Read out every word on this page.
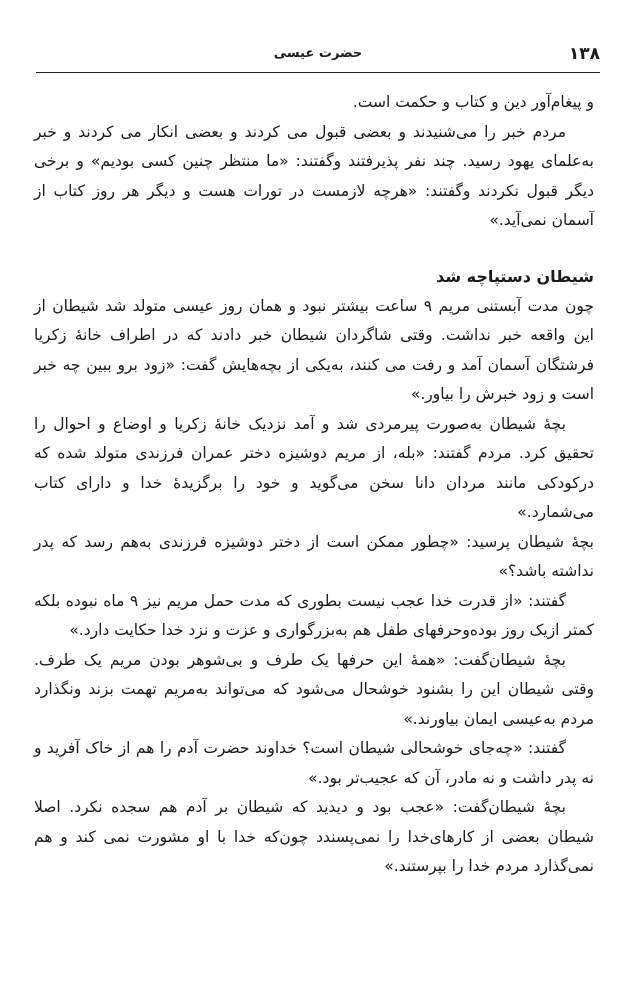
۱۳۸
حضرت عیسی

و پیغام‌آور دین و کتاب و حکمت است.

مردم خبر را می‌شنیدند و بعضی قبول می کردند و بعضی انکار می کردند و خبر به‌علمای یهود رسید. چند نفر پذیرفتند وگفتند: «ما منتظر چنین کسی بودیم» و برخی دیگر قبول نکردند وگفتند: «هرچه لازمست در تورات هست و دیگر هر روز کتاب از آسمان نمی‌آید.»

شیطان دستپاچه شد

چون مدت آبستنی مریم ۹ ساعت بیشتر نبود و همان روز عیسی متولد شد شیطان از این واقعه خبر نداشت. وقتی شاگردان شیطان خبر دادند که در اطراف خانهٔ زکریا فرشتگان آسمان آمد و رفت می کنند، به‌یکی از بچه‌هایش گفت: «زود برو ببین چه خبر است و زود خبرش را بیاور.»

بچهٔ شیطان به‌صورت پیرمردی شد و آمد نزدیک خانهٔ زکریا و اوضاع و احوال را تحقیق کرد. مردم گفتند: «بله، از مریم دوشیزه دختر عمران فرزندی متولد شده که درکودکی مانند مردان دانا سخن می‌گوید و خود را برگزیدهٔ خدا و دارای کتاب می‌شمارد.»

بچهٔ شیطان پرسید: «چطور ممکن است از دختر دوشیزه فرزندی به‌هم رسد که پدر نداشته باشد؟»

گفتند: «از قدرت خدا عجب نیست بطوری که مدت حمل مریم نیز ۹ ماه نبوده بلکه کمتر ازیک روز بوده‌وحرفهای طفل هم به‌بزرگواری و عزت و نزد خدا حکایت دارد.»

بچهٔ شیطان‌گفت: «همهٔ این حرفها یک طرف و بی‌شوهر بودن مریم یک طرف. وقتی شیطان این را بشنود خوشحال می‌شود که می‌تواند به‌مریم تهمت بزند ونگذارد مردم به‌عیسی ایمان بیاورند.»

گفتند: «چه‌جای خوشحالی شیطان است؟ خداوند حضرت آدم را هم از خاک آفرید و نه پدر داشت و نه مادر، آن که عجیب‌تر بود.»

بچهٔ شیطان‌گفت: «عجب بود و دیدید که شیطان بر آدم هم سجده نکرد. اصلا شیطان بعضی از کارهای‌خدا را نمی‌پسندد چون‌که خدا با او مشورت نمی کند و هم نمی‌گذارد مردم خدا را بپرستند.»
